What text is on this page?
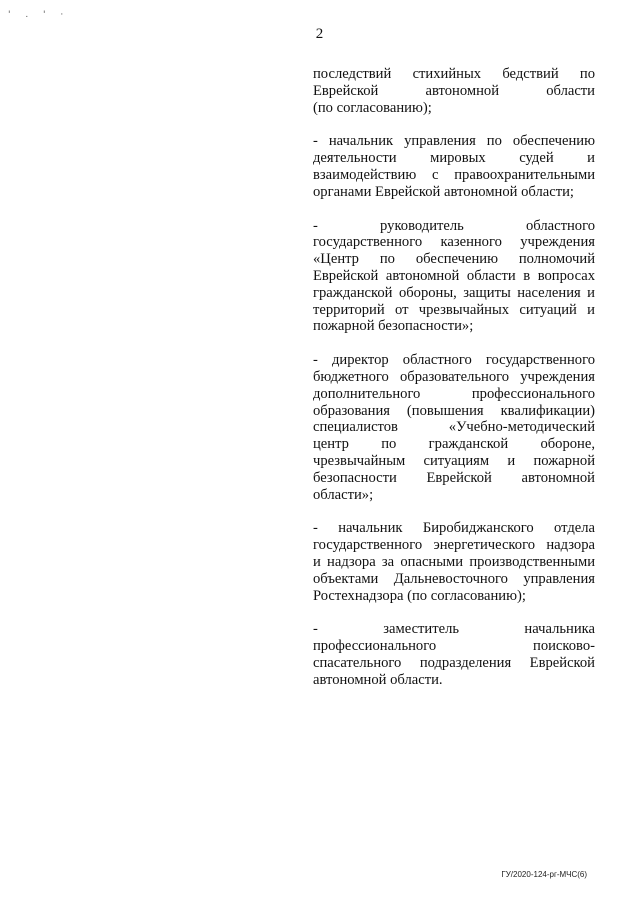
' . ' ·
2

последствий стихийных бедствий по
Еврейской автономной области
(по согласованию);

- начальник управления по обеспечению
деятельности мировых судей и
взаимодействию с правоохранительными
органами Еврейской автономной области;

- руководитель областного
государственного казенного учреждения
«Центр по обеспечению полномочий
Еврейской автономной области в вопросах
гражданской обороны, защиты населения и
территорий от чрезвычайных ситуаций и
пожарной безопасности»;

- директор областного государственного
бюджетного образовательного учреждения
дополнительного профессионального
образования (повышения квалификации)
специалистов «Учебно-методический
центр по гражданской обороне,
чрезвычайным ситуациям и пожарной
безопасности Еврейской автономной
области»;

- начальник Биробиджанского отдела
государственного энергетического надзора
и надзора за опасными производственными
объектами Дальневосточного управления
Ростехнадзора (по согласованию);

- заместитель начальника
профессионального поисково-
спасательного подразделения Еврейской
автономной области.

ГУ/2020-124-рг-МЧС(6)
